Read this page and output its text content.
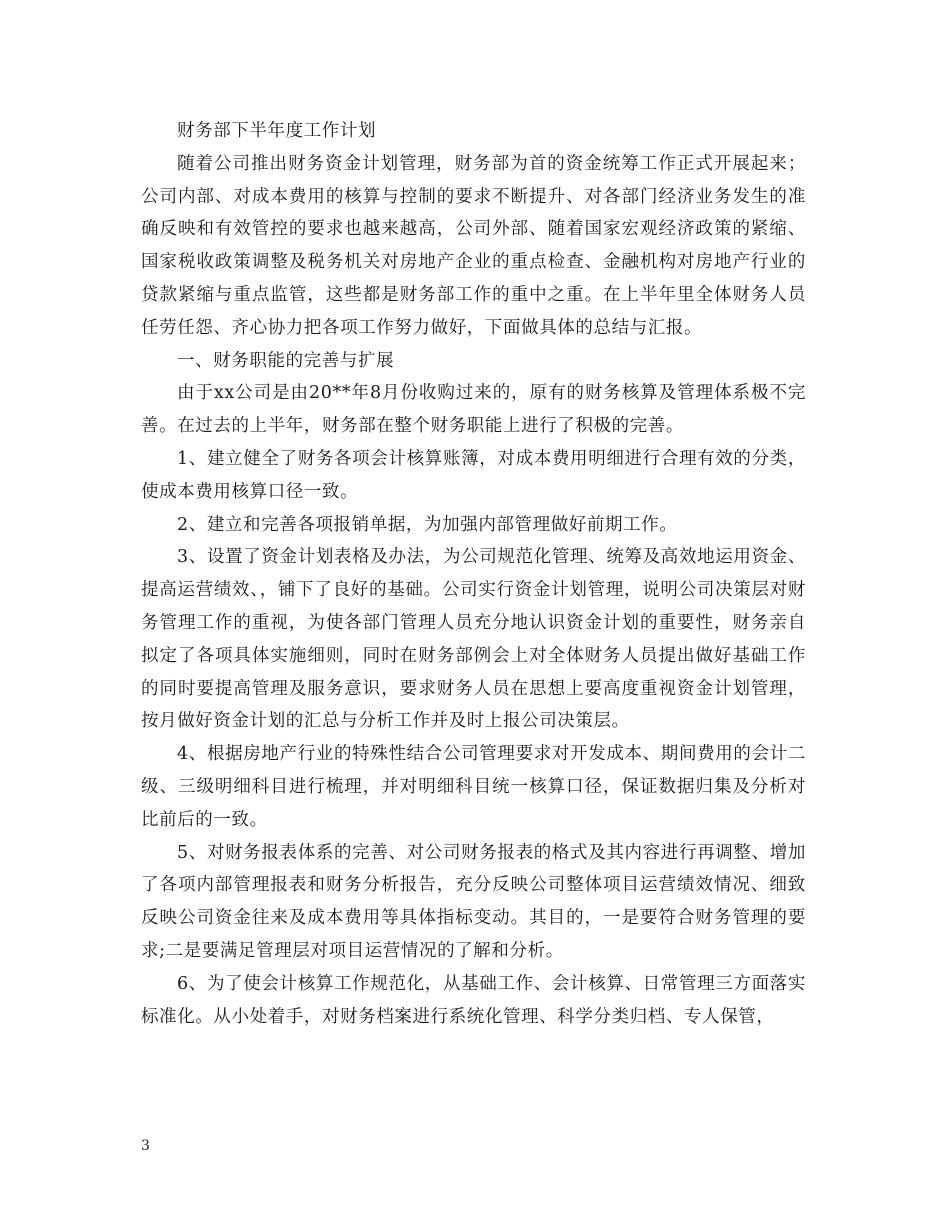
财务部下半年度工作计划

随着公司推出财务资金计划管理，财务部为首的资金统筹工作正式开展起来；公司内部、对成本费用的核算与控制的要求不断提升、对各部门经济业务发生的准确反映和有效管控的要求也越来越高，公司外部、随着国家宏观经济政策的紧缩、国家税收政策调整及税务机关对房地产企业的重点检查、金融机构对房地产行业的贷款紧缩与重点监管，这些都是财务部工作的重中之重。在上半年里全体财务人员任劳任怨、齐心协力把各项工作努力做好，下面做具体的总结与汇报。

一、财务职能的完善与扩展

由于xx公司是由20**年8月份收购过来的，原有的财务核算及管理体系极不完善。在过去的上半年，财务部在整个财务职能上进行了积极的完善。

1、建立健全了财务各项会计核算账簿，对成本费用明细进行合理有效的分类，使成本费用核算口径一致。

2、建立和完善各项报销单据，为加强内部管理做好前期工作。

3、设置了资金计划表格及办法，为公司规范化管理、统筹及高效地运用资金、提高运营绩效、，铺下了良好的基础。公司实行资金计划管理，说明公司决策层对财务管理工作的重视，为使各部门管理人员充分地认识资金计划的重要性，财务亲自拟定了各项具体实施细则，同时在财务部例会上对全体财务人员提出做好基础工作的同时要提高管理及服务意识，要求财务人员在思想上要高度重视资金计划管理，按月做好资金计划的汇总与分析工作并及时上报公司决策层。

4、根据房地产行业的特殊性结合公司管理要求对开发成本、期间费用的会计二级、三级明细科目进行梳理，并对明细科目统一核算口径，保证数据归集及分析对比前后的一致。

5、对财务报表体系的完善、对公司财务报表的格式及其内容进行再调整、增加了各项内部管理报表和财务分析报告，充分反映公司整体项目运营绩效情况、细致反映公司资金往来及成本费用等具体指标变动。其目的，一是要符合财务管理的要求;二是要满足管理层对项目运营情况的了解和分析。

6、为了使会计核算工作规范化，从基础工作、会计核算、日常管理三方面落实标准化。从小处着手，对财务档案进行系统化管理、科学分类归档、专人保管，

3
